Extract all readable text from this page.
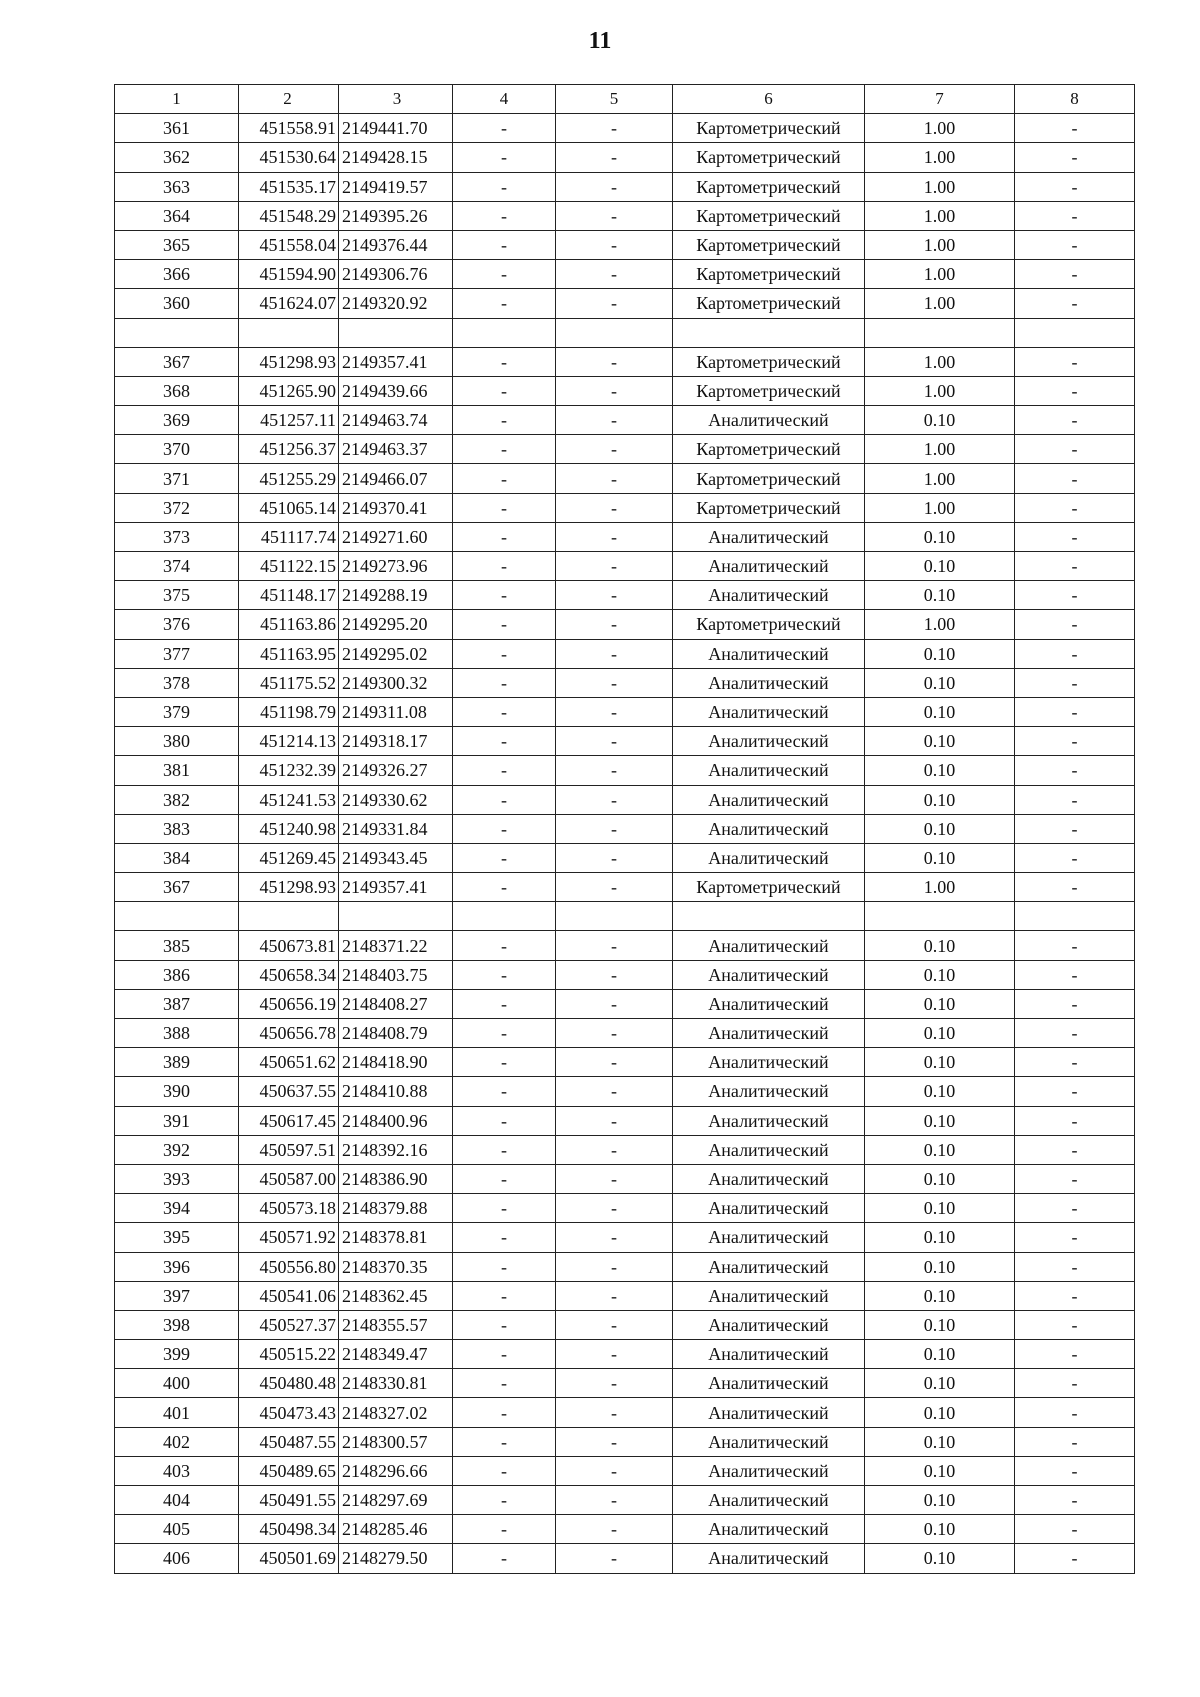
11
1	2	3	4	5	6	7	8
361	451558.91	2149441.70	-	-	Картометрический	1.00	-
362	451530.64	2149428.15	-	-	Картометрический	1.00	-
363	451535.17	2149419.57	-	-	Картометрический	1.00	-
364	451548.29	2149395.26	-	-	Картометрический	1.00	-
365	451558.04	2149376.44	-	-	Картометрический	1.00	-
366	451594.90	2149306.76	-	-	Картометрический	1.00	-
360	451624.07	2149320.92	-	-	Картометрический	1.00	-

367	451298.93	2149357.41	-	-	Картометрический	1.00	-
368	451265.90	2149439.66	-	-	Картометрический	1.00	-
369	451257.11	2149463.74	-	-	Аналитический	0.10	-
370	451256.37	2149463.37	-	-	Картометрический	1.00	-
371	451255.29	2149466.07	-	-	Картометрический	1.00	-
372	451065.14	2149370.41	-	-	Картометрический	1.00	-
373	451117.74	2149271.60	-	-	Аналитический	0.10	-
374	451122.15	2149273.96	-	-	Аналитический	0.10	-
375	451148.17	2149288.19	-	-	Аналитический	0.10	-
376	451163.86	2149295.20	-	-	Картометрический	1.00	-
377	451163.95	2149295.02	-	-	Аналитический	0.10	-
378	451175.52	2149300.32	-	-	Аналитический	0.10	-
379	451198.79	2149311.08	-	-	Аналитический	0.10	-
380	451214.13	2149318.17	-	-	Аналитический	0.10	-
381	451232.39	2149326.27	-	-	Аналитический	0.10	-
382	451241.53	2149330.62	-	-	Аналитический	0.10	-
383	451240.98	2149331.84	-	-	Аналитический	0.10	-
384	451269.45	2149343.45	-	-	Аналитический	0.10	-
367	451298.93	2149357.41	-	-	Картометрический	1.00	-

385	450673.81	2148371.22	-	-	Аналитический	0.10	-
386	450658.34	2148403.75	-	-	Аналитический	0.10	-
387	450656.19	2148408.27	-	-	Аналитический	0.10	-
388	450656.78	2148408.79	-	-	Аналитический	0.10	-
389	450651.62	2148418.90	-	-	Аналитический	0.10	-
390	450637.55	2148410.88	-	-	Аналитический	0.10	-
391	450617.45	2148400.96	-	-	Аналитический	0.10	-
392	450597.51	2148392.16	-	-	Аналитический	0.10	-
393	450587.00	2148386.90	-	-	Аналитический	0.10	-
394	450573.18	2148379.88	-	-	Аналитический	0.10	-
395	450571.92	2148378.81	-	-	Аналитический	0.10	-
396	450556.80	2148370.35	-	-	Аналитический	0.10	-
397	450541.06	2148362.45	-	-	Аналитический	0.10	-
398	450527.37	2148355.57	-	-	Аналитический	0.10	-
399	450515.22	2148349.47	-	-	Аналитический	0.10	-
400	450480.48	2148330.81	-	-	Аналитический	0.10	-
401	450473.43	2148327.02	-	-	Аналитический	0.10	-
402	450487.55	2148300.57	-	-	Аналитический	0.10	-
403	450489.65	2148296.66	-	-	Аналитический	0.10	-
404	450491.55	2148297.69	-	-	Аналитический	0.10	-
405	450498.34	2148285.46	-	-	Аналитический	0.10	-
406	450501.69	2148279.50	-	-	Аналитический	0.10	-
